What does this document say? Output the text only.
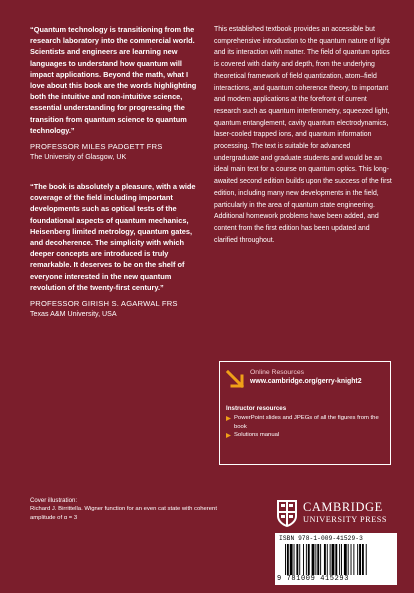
“Quantum technology is transitioning from the research laboratory into the commercial world. Scientists and engineers are learning new languages to understand how quantum will impact applications. Beyond the math, what I love about this book are the words highlighting both the intuitive and non-intuitive science, essential understanding for progressing the transition from quantum science to quantum technology.”

PROFESSOR MILES PADGETT FRS
The University of Glasgow, UK

“The book is absolutely a pleasure, with a wide coverage of the field including important developments such as optical tests of the foundational aspects of quantum mechanics, Heisenberg limited metrology, quantum gates, and decoherence. The simplicity with which deeper concepts are introduced is truly remarkable. It deserves to be on the shelf of everyone interested in the new quantum revolution of the twenty-first century.”

PROFESSOR GIRISH S. AGARWAL FRS
Texas A&M University, USA

This established textbook provides an accessible but comprehensive introduction to the quantum nature of light and its interaction with matter. The field of quantum optics is covered with clarity and depth, from the underlying theoretical framework of field quantization, atom–field interactions, and quantum coherence theory, to important and modern applications at the forefront of current research such as quantum interferometry, squeezed light, quantum entanglement, cavity quantum electrodynamics, laser-cooled trapped ions, and quantum information processing. The text is suitable for advanced undergraduate and graduate students and would be an ideal main text for a course on quantum optics. This long-awaited second edition builds upon the success of the first edition, including many new developments in the field, particularly in the area of quantum state engineering. Additional homework problems have been added, and content from the first edition has been updated and clarified throughout.

Online Resources
www.cambridge.org/gerry-knight2
Instructor resources
PowerPoint slides and JPEGs of all the figures from the book
Solutions manual
Cover illustration:
Richard J. Birrittella. Wigner function for an even cat state with coherent amplitude of α = 3
CAMBRIDGE
UNIVERSITY PRESS
ISBN 978-1-009-41529-3
9 781009 415293
